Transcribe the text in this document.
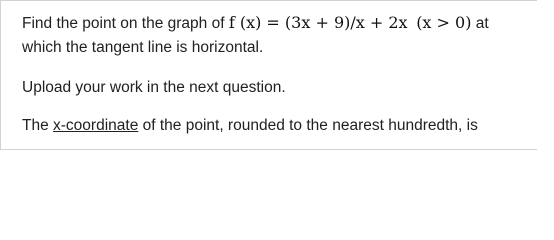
Find the point on the graph of f (x) = (3x + 9)/x + 2x (x > 0) at
which the tangent line is horizontal.
Upload your work in the next question.
The x-coordinate of the point, rounded to the nearest hundredth, is
